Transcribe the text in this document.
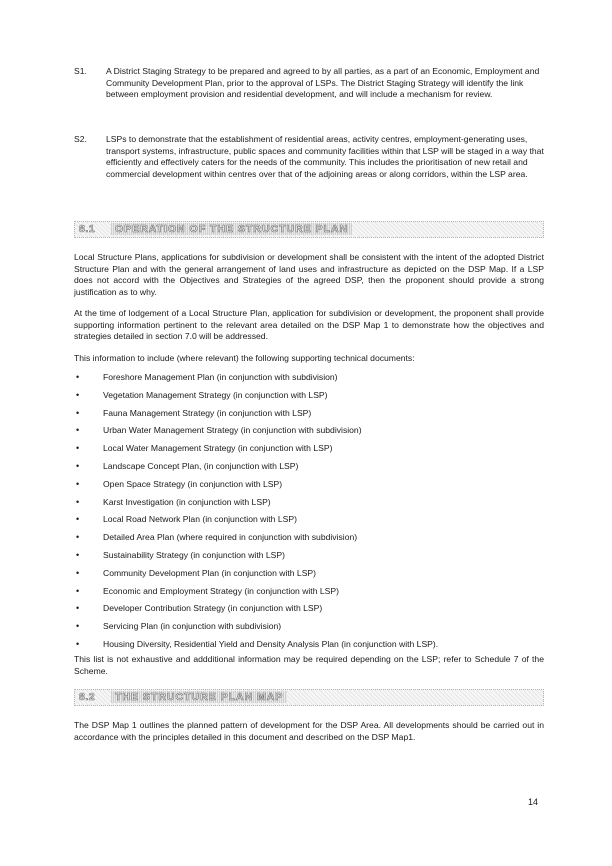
S1.	A District Staging Strategy to be prepared and agreed to by all parties, as a part of an Economic, Employment and Community Development Plan, prior to the approval of LSPs. The District Staging Strategy will identify the link between employment provision and residential development, and will include a mechanism for review.
S2.	LSPs to demonstrate that the establishment of residential areas, activity centres, employment-generating uses, transport systems, infrastructure, public spaces and community facilities within that LSP will be staged in a way that efficiently and effectively caters for the needs of the community. This includes the prioritisation of new retail and commercial development within centres over that of the adjoining areas or along corridors, within the LSP area.
8.1	OPERATION OF THE STRUCTURE PLAN
Local Structure Plans, applications for subdivision or development shall be consistent with the intent of the adopted District Structure Plan and with the general arrangement of land uses and infrastructure as depicted on the DSP Map. If a LSP does not accord with the Objectives and Strategies of the agreed DSP, then the proponent should provide a strong justification as to why.
At the time of lodgement of a Local Structure Plan, application for subdivision or development, the proponent shall provide supporting information pertinent to the relevant area detailed on the DSP Map 1 to demonstrate how the objectives and strategies detailed in section 7.0 will be addressed.
This information to include (where relevant) the following supporting technical documents:
•	Foreshore Management Plan (in conjunction with subdivision)
•	Vegetation Management Strategy (in conjunction with LSP)
•	Fauna Management Strategy (in conjunction with LSP)
•	Urban Water Management Strategy (in conjunction with subdivision)
•	Local Water Management Strategy (in conjunction with LSP)
•	Landscape Concept Plan, (in conjunction with LSP)
•	Open Space Strategy (in conjunction with LSP)
•	Karst Investigation (in conjunction with LSP)
•	Local Road Network Plan (in conjunction with LSP)
•	Detailed Area Plan (where required in conjunction with subdivision)
•	Sustainability Strategy (in conjunction with LSP)
•	Community Development Plan (in conjunction with LSP)
•	Economic and Employment Strategy (in conjunction with LSP)
•	Developer Contribution Strategy (in conjunction with LSP)
•	Servicing Plan (in conjunction with subdivision)
•	Housing Diversity, Residential Yield and Density Analysis Plan (in conjunction with LSP).
This list is not exhaustive and addditional information may be required depending on the LSP; refer to Schedule 7 of the Scheme.
8.2	THE STRUCTURE PLAN MAP
The DSP Map 1 outlines the planned pattern of development for the DSP Area. All developments should be carried out in accordance with the principles detailed in this document and described on the DSP Map1.
14
